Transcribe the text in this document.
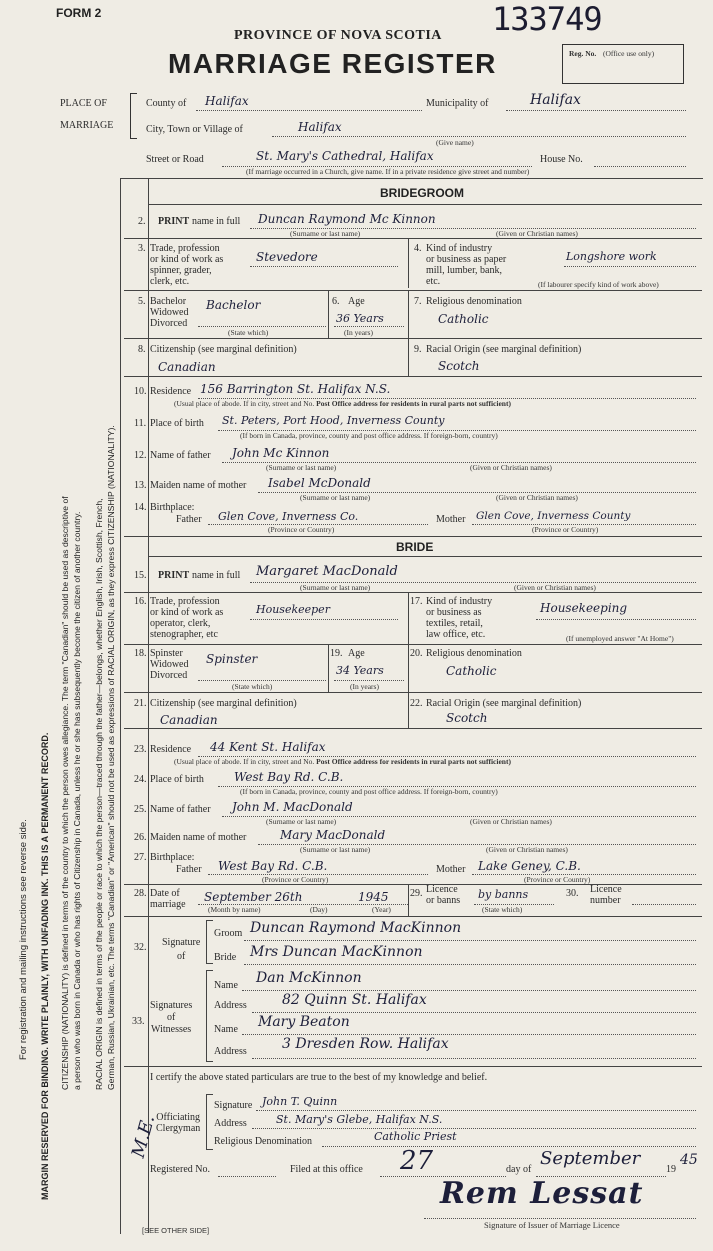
For registration and mailing instructions see reverse side. MARGIN RESERVED FOR BINDING. WRITE PLAINLY, WITH UNFADING INK. THIS IS A PERMANENT RECORD. CITIZENSHIP (NATIONALITY) is defined in terms of the country to which the person owes allegiance. The term "Canadian" should be used as descriptive of a person who was born in Canada or who has rights of Citizenship in Canada, unless he or she has subsequently become the citizen of another country. RACIAL ORIGIN is defined in terms of the people or race to which the person—traced through the father—belongs, whether English, Irish, Scottish, French, German, Russian, Ukrainian, etc. The terms "Canadian" or "American" should not be used as expressions of RACIAL ORIGIN, as they express CITIZENSHIP (NATIONALITY).
FORM 2
PROVINCE OF NOVA SCOTIA
MARRIAGE REGISTER
133749
Reg. No. (Office use only)
PLACE OF
MARRIAGE
County of Halifax	Municipality of	Halifax
City, Town or Village of	Halifax
(Give name)
Street or Road	St. Mary's Cathedral, Halifax	House No.
(If marriage occurred in a Church, give name. If in a private residence give street and number)
BRIDEGROOM
2. PRINT name in full Duncan Raymond Mc Kinnon
(Surname or last name)	(Given or Christian names)
3. Trade, profession
or kind of work as
spinner, grader,
clerk, etc.
Stevedore
4. Kind of industry
or business as paper
mill, lumber, bank,
etc.
Longshore work
(If labourer specify kind of work above)
5. Bachelor
Widowed
Divorced
Bachelor
(State which)
6. Age
36 Years
(In years)
7. Religious denomination
Catholic
8. Citizenship (see marginal definition)
Canadian
9. Racial Origin (see marginal definition)
Scotch
10. Residence 156 Barrington St. Halifax N.S.
(Usual place of abode. If in city, street and No. Post Office address for residents in rural parts not sufficient)
11. Place of birth St. Peters, Port Hood, Inverness County
(If born in Canada, province, county and post office address. If foreign-born, country)
12. Name of father John Mc Kinnon
(Surname or last name)	(Given or Christian names)
13. Maiden name of mother Isabel McDonald
(Surname or last name)	(Given or Christian names)
14. Birthplace:
Father Glen Cove, Inverness Co.
(Province or Country)
Mother Glen Cove, Inverness County
(Province or Country)
BRIDE
15. PRINT name in full Margaret MacDonald
(Surname or last name)	(Given or Christian names)
16. Trade, profession
or kind of work as
operator, clerk,
stenographer, etc
Housekeeper
17. Kind of industry
or business as
textiles, retail,
law office, etc.
Housekeeping
(If unemployed answer "At Home")
18. Spinster
Widowed
Divorced
Spinster
(State which)
19. Age
34 Years
(In years)
20. Religious denomination
Catholic
21. Citizenship (see marginal definition)
Canadian
22. Racial Origin (see marginal definition)
Scotch
23. Residence 44 Kent St. Halifax
(Usual place of abode. If in city, street and No. Post Office address for residents in rural parts not sufficient)
24. Place of birth	West Bay Rd. C.B.
(If born in Canada, province, county and post office address. If foreign-born, country)
25. Name of father John M. MacDonald
(Surname or last name)	(Given or Christian names)
26. Maiden name of mother	Mary MacDonald
(Surname or last name)	(Given or Christian names)
27. Birthplace:
Father West Bay Rd. C.B.
(Province or Country)
Mother Lake Geney, C.B.
(Province or Country)
28. Date of
marriage
September 26th	1945
(Month by name)	(Day)	(Year)
29. Licence
or banns by banns
(State which)
30. Licence
number
32. Signature
of
Groom Duncan Raymond MacKinnon
Bride Mrs Duncan MacKinnon
33.
Signatures
of
Witnesses
Name Dan McKinnon
Address	82 Quinn St. Halifax
Name Mary Beaton
Address	3 Dresden Row. Halifax
I certify the above stated particulars are true to the best of my knowledge and belief.
M.E.
Officiating
Clergyman
Signature John T. Quinn
Address	St. Mary's Glebe, Halifax N.S.
Religious Denomination	Catholic Priest
Registered No.	Filed at this office 27	day of
September
19
45
Rem Lessat
Signature of Issuer of Marriage Licence
[SEE OTHER SIDE]
